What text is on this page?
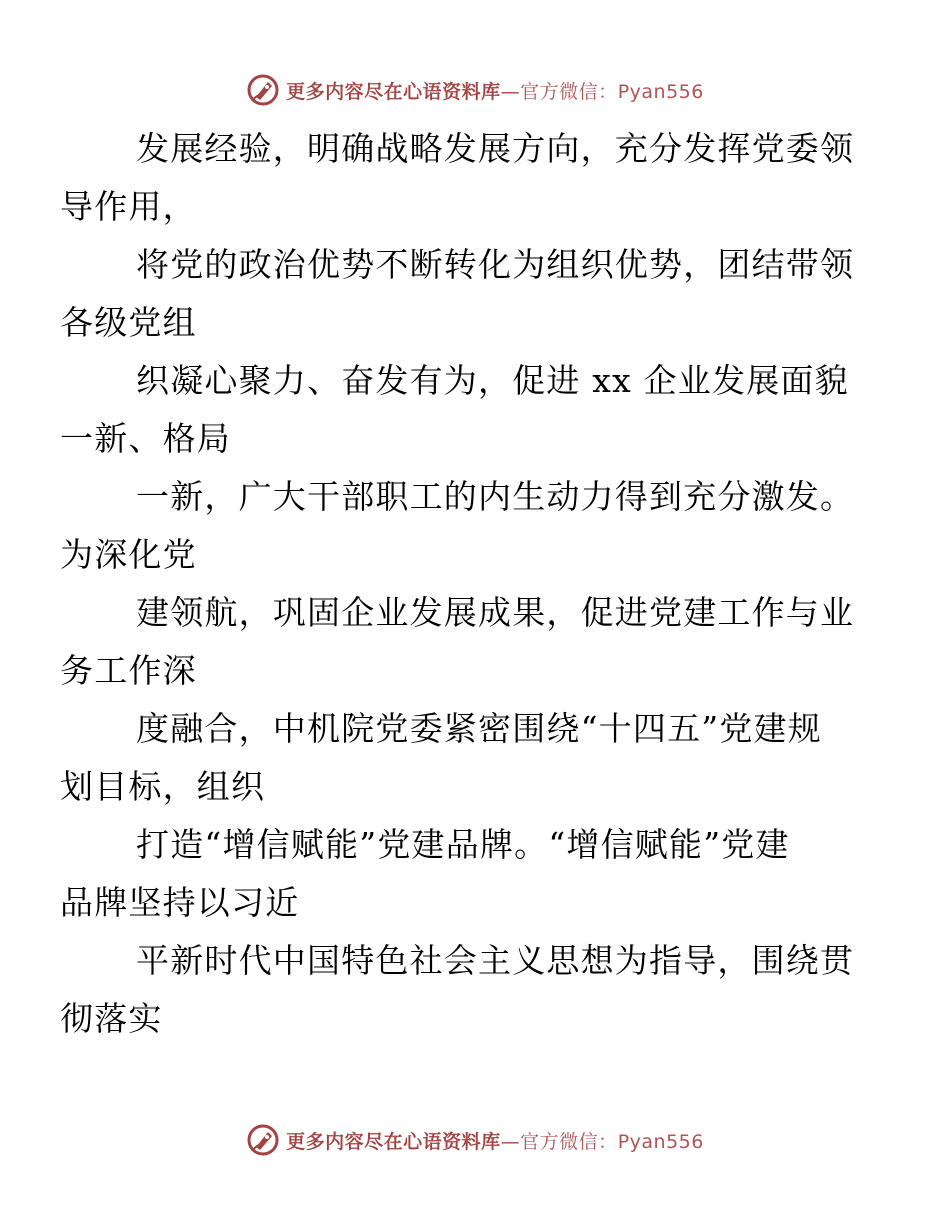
更多内容尽在心语资料库—官方微信：Pyan556

发展经验，明确战略发展方向，充分发挥党委领
导作用，

将党的政治优势不断转化为组织优势，团结带领
各级党组

织凝心聚力、奋发有为，促进 xx 企业发展面貌
一新、格局

一新，广大干部职工的内生动力得到充分激发。
为深化党

建领航，巩固企业发展成果，促进党建工作与业
务工作深

度融合，中机院党委紧密围绕“十四五”党建规
划目标，组织

打造“增信赋能”党建品牌。“增信赋能”党建
品牌坚持以习近

平新时代中国特色社会主义思想为指导，围绕贯
彻落实

更多内容尽在心语资料库—官方微信：Pyan556
